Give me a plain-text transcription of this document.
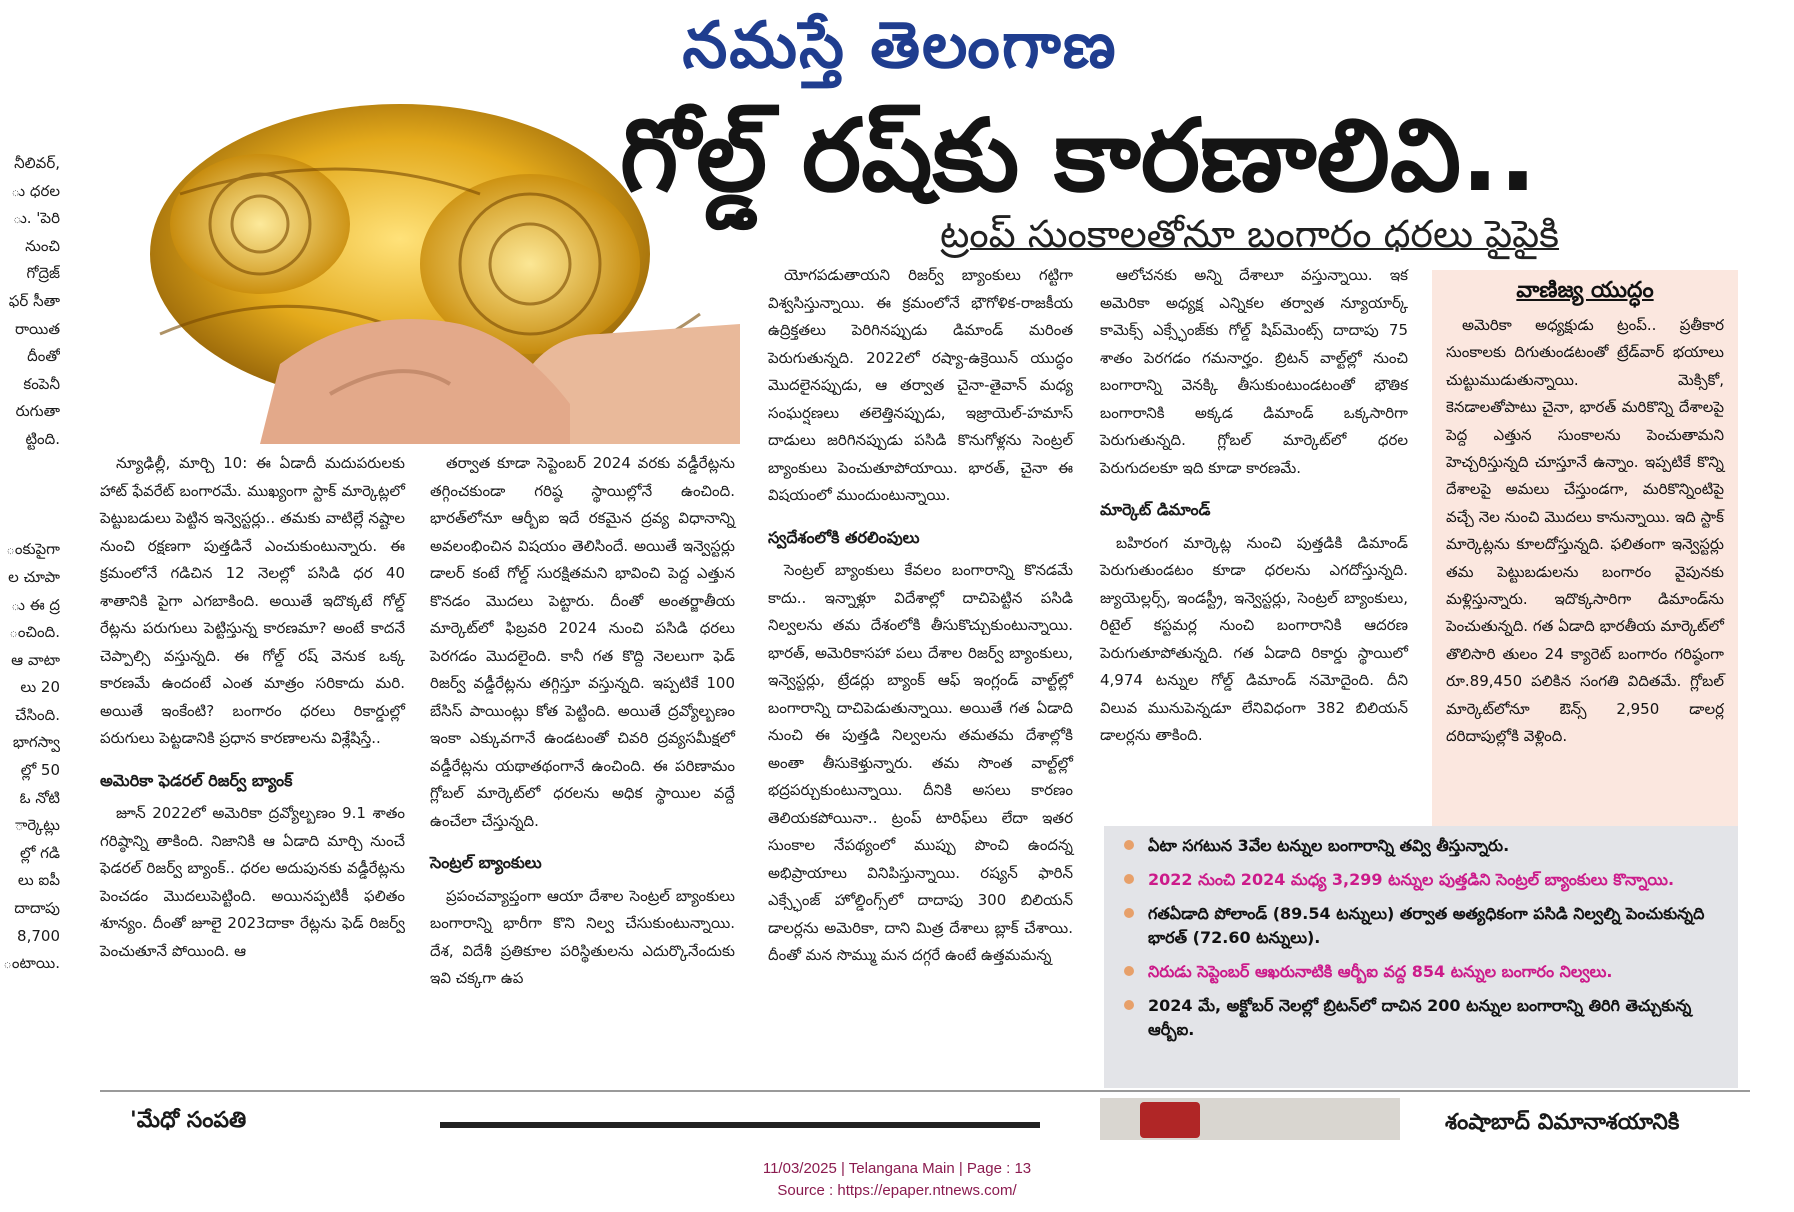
నమస్తే తెలంగాణ
గోల్డ్ రష్‌కు కారణాలివి..
ట్రంప్ సుంకాలతోనూ బంగారం ధరలు పైపైకి
నీలివర్,
ు ధరల
ు. 'పెరి
నుంచి
గోద్రెజ్
ఫర్ సీతా
రాయిత
దీంతో
కంపెనీ
రుగుతా
ట్టింది.
ంకుపైగా
ల చూపా
ు ఈ ద్ర
ంచింది.
ఆ వాటా
లు 20
చేసింది.
భాగస్వా
ల్లో 50
ఓ నోటి
ార్కెట్లు
ల్లో గడి
లు ఐపీ
దాదాపు
8,700
ంటాయి.

న్యూఢిల్లీ, మార్చి 10: ఈ ఏడాదీ మదుపరులకు హాట్ ఫేవరేట్ బంగారమే. ముఖ్యంగా స్టాక్ మార్కెట్లలో పెట్టుబడులు పెట్టిన ఇన్వెస్టర్లు.. తమకు వాటిల్లే నష్టాల నుంచి రక్షణగా పుత్తడినే ఎంచుకుంటున్నారు. ఈ క్రమంలోనే గడిచిన 12 నెలల్లో పసిడి ధర 40 శాతానికి పైగా ఎగబాకింది. అయితే ఇదొక్కటే గోల్డ్ రేట్లను పరుగులు పెట్టిస్తున్న కారణమా? అంటే కాదనే చెప్పాల్సి వస్తున్నది. ఈ గోల్డ్ రష్ వెనుక ఒక్క కారణమే ఉందంటే ఎంత మాత్రం సరికాదు మరి. అయితే ఇంకేంటి? బంగారం ధరలు రికార్డుల్లో పరుగులు పెట్టడానికి ప్రధాన కారణాలను విశ్లేషిస్తే..

అమెరికా ఫెడరల్ రిజర్వ్ బ్యాంక్

జూన్ 2022లో అమెరికా ద్రవ్యోల్బణం 9.1 శాతం గరిష్ఠాన్ని తాకింది. నిజానికి ఆ ఏడాది మార్చి నుంచే ఫెడరల్ రిజర్వ్ బ్యాంక్.. ధరల అదుపునకు వడ్డీరేట్లను పెంచడం మొదలుపెట్టింది. అయినప్పటికీ ఫలితం శూన్యం. దీంతో జూలై 2023దాకా రేట్లను ఫెడ్ రిజర్వ్ పెంచుతూనే పోయింది. ఆ

తర్వాత కూడా సెప్టెంబర్ 2024 వరకు వడ్డీరేట్లను తగ్గించకుండా గరిష్ఠ స్థాయిల్లోనే ఉంచింది. భారత్‌లోనూ ఆర్బీఐ ఇదే రకమైన ద్రవ్య విధానాన్ని అవలంభించిన విషయం తెలిసిందే. అయితే ఇన్వెస్టర్లు డాలర్ కంటే గోల్డ్ సురక్షితమని భావించి పెద్ద ఎత్తున కొనడం మొదలు పెట్టారు. దీంతో అంతర్జాతీయ మార్కెట్‌లో ఫిబ్రవరి 2024 నుంచి పసిడి ధరలు పెరగడం మొదలైంది. కానీ గత కొద్ది నెలలుగా ఫెడ్ రిజర్వ్ వడ్డీరేట్లను తగ్గిస్తూ వస్తున్నది. ఇప్పటికే 100 బేసిస్ పాయింట్లు కోత పెట్టింది. అయితే ద్రవ్యోల్బణం ఇంకా ఎక్కువగానే ఉండటంతో చివరి ద్రవ్యసమీక్షలో వడ్డీరేట్లను యథాతథంగానే ఉంచింది. ఈ పరిణామం గ్లోబల్ మార్కెట్‌లో ధరలను అధిక స్థాయిల వద్దే ఉంచేలా చేస్తున్నది.

సెంట్రల్ బ్యాంకులు

ప్రపంచవ్యాప్తంగా ఆయా దేశాల సెంట్రల్ బ్యాంకులు బంగారాన్ని భారీగా కొని నిల్వ చేసుకుంటున్నాయి. దేశ, విదేశీ ప్రతికూల పరిస్థితులను ఎదుర్కొనేందుకు ఇవి చక్కగా ఉప

యోగపడుతాయని రిజర్వ్ బ్యాంకులు గట్టిగా విశ్వసిస్తున్నాయి. ఈ క్రమంలోనే భౌగోళిక-రాజకీయ ఉద్రిక్తతలు పెరిగినప్పుడు డిమాండ్ మరింత పెరుగుతున్నది. 2022లో రష్యా-ఉక్రెయిన్ యుద్ధం మొదలైనప్పుడు, ఆ తర్వాత చైనా-తైవాన్ మధ్య సంఘర్షణలు తలెత్తినప్పుడు, ఇజ్రాయెల్-హమాస్ దాడులు జరిగినప్పుడు పసిడి కొనుగోళ్లను సెంట్రల్ బ్యాంకులు పెంచుతూపోయాయి. భారత్, చైనా ఈ విషయంలో ముందుంటున్నాయి.

స్వదేశంలోకి తరలింపులు

సెంట్రల్ బ్యాంకులు కేవలం బంగారాన్ని కొనడమే కాదు.. ఇన్నాళ్లూ విదేశాల్లో దాచిపెట్టిన పసిడి నిల్వలను తమ దేశంలోకి తీసుకొచ్చుకుంటున్నాయి. భారత్, అమెరికాసహా పలు దేశాల రిజర్వ్ బ్యాంకులు, ఇన్వెస్టర్లు, ట్రేడర్లు బ్యాంక్ ఆఫ్ ఇంగ్లండ్ వాల్ట్‌ల్లో బంగారాన్ని దాచిపెడుతున్నాయి. అయితే గత ఏడాది నుంచి ఈ పుత్తడి నిల్వలను తమతమ దేశాల్లోకి అంతా తీసుకెళ్తున్నారు. తమ సొంత వాల్ట్‌ల్లో భద్రపర్చుకుంటున్నాయి. దీనికి అసలు కారణం తెలియకపోయినా.. ట్రంప్ టారిఫ్‌లు లేదా ఇతర సుంకాల నేపథ్యంలో ముప్పు పొంచి ఉందన్న అభిప్రాయాలు వినిపిస్తున్నాయి. రష్యన్ ఫారిన్ ఎక్స్ఛేంజ్ హోల్డింగ్స్‌లో దాదాపు 300 బిలియన్ డాలర్లను అమెరికా, దాని మిత్ర దేశాలు బ్లాక్ చేశాయి. దీంతో మన సొమ్ము మన దగ్గరే ఉంటే ఉత్తమమన్న

ఆలోచనకు అన్ని దేశాలూ వస్తున్నాయి. ఇక అమెరికా అధ్యక్ష ఎన్నికల తర్వాత న్యూయార్క్ కామెక్స్ ఎక్స్ఛేంజ్‌కు గోల్డ్ షిప్‌మెంట్స్ దాదాపు 75 శాతం పెరగడం గమనార్హం. బ్రిటన్ వాల్ట్‌ల్లో నుంచి బంగారాన్ని వెనక్కి తీసుకుంటుండటంతో భౌతిక బంగారానికి అక్కడ డిమాండ్ ఒక్కసారిగా పెరుగుతున్నది. గ్లోబల్ మార్కెట్‌లో ధరల పెరుగుదలకూ ఇది కూడా కారణమే.

మార్కెట్ డిమాండ్

బహిరంగ మార్కెట్ల నుంచి పుత్తడికి డిమాండ్ పెరుగుతుండటం కూడా ధరలను ఎగదోస్తున్నది. జ్యుయెల్లర్స్, ఇండస్ట్రీ, ఇన్వెస్టర్లు, సెంట్రల్ బ్యాంకులు, రిటైల్ కస్టమర్ల నుంచి బంగారానికి ఆదరణ పెరుగుతూపోతున్నది. గత ఏడాది రికార్డు స్థాయిలో 4,974 టన్నుల గోల్డ్ డిమాండ్ నమోదైంది. దీని విలువ మునుపెన్నడూ లేనివిధంగా 382 బిలియన్ డాలర్లను తాకింది.

వాణిజ్య యుద్ధం

అమెరికా అధ్యక్షుడు ట్రంప్.. ప్రతీకార సుంకాలకు దిగుతుండటంతో ట్రేడ్‌వార్ భయాలు చుట్టుముడుతున్నాయి. మెక్సికో, కెనడాలతోపాటు చైనా, భారత్ మరికొన్ని దేశాలపై పెద్ద ఎత్తున సుంకాలను పెంచుతామని హెచ్చరిస్తున్నది చూస్తూనే ఉన్నాం. ఇప్పటికే కొన్ని దేశాలపై అమలు చేస్తుండగా, మరికొన్నింటిపై వచ్చే నెల నుంచి మొదలు కానున్నాయి. ఇది స్టాక్ మార్కెట్లను కూలదోస్తున్నది. ఫలితంగా ఇన్వెస్టర్లు తమ పెట్టుబడులను బంగారం వైపునకు మళ్లిస్తున్నారు. ఇదొక్కసారిగా డిమాండ్‌ను పెంచుతున్నది. గత ఏడాది భారతీయ మార్కెట్‌లో తొలిసారి తులం 24 క్యారెట్ బంగారం గరిష్ఠంగా రూ.89,450 పలికిన సంగతి విదితమే. గ్లోబల్ మార్కెట్‌లోనూ ఔన్స్ 2,950 డాలర్ల దరిదాపుల్లోకి వెళ్లింది.

ఏటా సగటున 3వేల టన్నుల బంగారాన్ని తవ్వి తీస్తున్నారు.
2022 నుంచి 2024 మధ్య 3,299 టన్నుల పుత్తడిని సెంట్రల్ బ్యాంకులు కొన్నాయి.
గతఏడాది పోలాండ్ (89.54 టన్నులు) తర్వాత అత్యధికంగా పసిడి నిల్వల్ని పెంచుకున్నది భారత్ (72.60 టన్నులు).
నిరుడు సెప్టెంబర్ ఆఖరునాటికి ఆర్బీఐ వద్ద 854 టన్నుల బంగారం నిల్వలు.
2024 మే, అక్టోబర్ నెలల్లో బ్రిటన్‌లో దాచిన 200 టన్నుల బంగారాన్ని తిరిగి తెచ్చుకున్న ఆర్బీఐ.
'మేధో సంపతి	శంషాబాద్ విమానాశయానికి
11/03/2025 | Telangana Main | Page : 13
Source : https://epaper.ntnews.com/
